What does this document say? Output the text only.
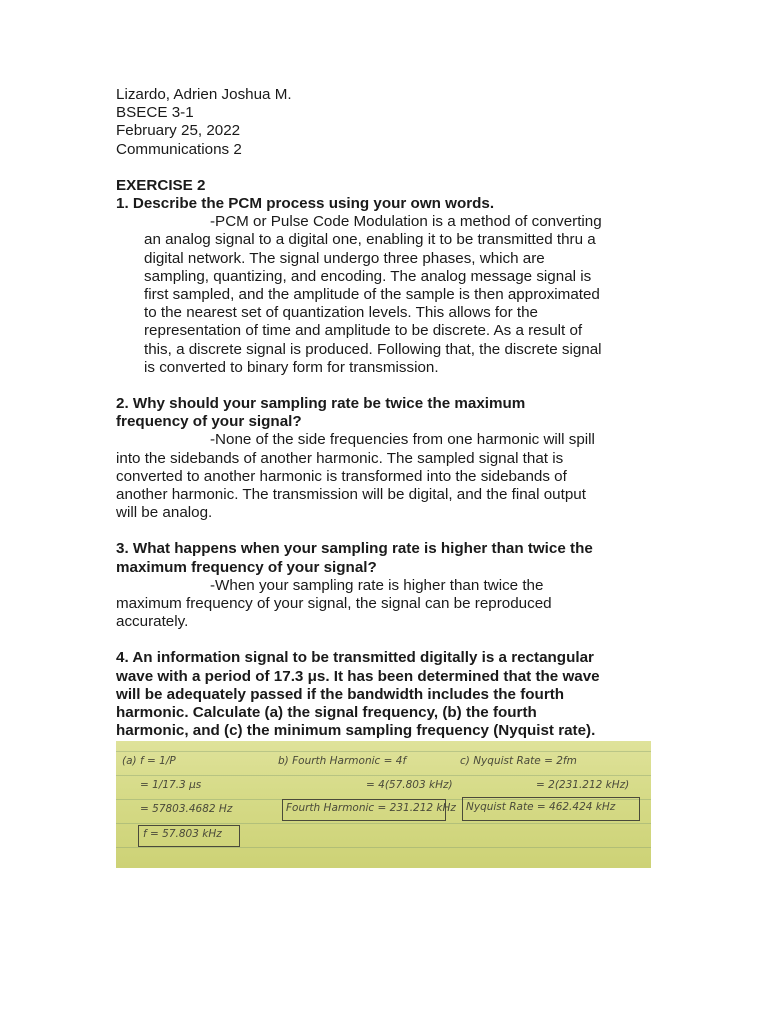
Lizardo, Adrien Joshua M.
BSECE 3-1
February 25, 2022
Communications 2
EXERCISE 2
1. Describe the PCM process using your own words.
-PCM or Pulse Code Modulation is a method of converting
an analog signal to a digital one, enabling it to be transmitted thru a
digital network. The signal undergo three phases, which are
sampling, quantizing, and encoding. The analog message signal is
first sampled, and the amplitude of the sample is then approximated
to the nearest set of quantization levels. This allows for the
representation of time and amplitude to be discrete. As a result of
this, a discrete signal is produced. Following that, the discrete signal
is converted to binary form for transmission.
2. Why should your sampling rate be twice the maximum
frequency of your signal?
-None of the side frequencies from one harmonic will spill
into the sidebands of another harmonic. The sampled signal that is
converted to another harmonic is transformed into the sidebands of
another harmonic. The transmission will be digital, and the final output
will be analog.
3. What happens when your sampling rate is higher than twice the
maximum frequency of your signal?
-When your sampling rate is higher than twice the
maximum frequency of your signal, the signal can be reproduced
accurately.
4. An information signal to be transmitted digitally is a rectangular
wave with a period of 17.3 μs. It has been determined that the wave
will be adequately passed if the bandwidth includes the fourth
harmonic. Calculate (a) the signal frequency, (b) the fourth
harmonic, and (c) the minimum sampling frequency (Nyquist rate).
(a) f = 1/P
= 1/17.3 μs
= 57803.4682 Hz
f = 57.803 kHz
b) Fourth Harmonic = 4f
= 4(57.803 kHz)
Fourth Harmonic = 231.212 kHz
c) Nyquist Rate = 2fm
= 2(231.212 kHz)
Nyquist Rate = 462.424 kHz
